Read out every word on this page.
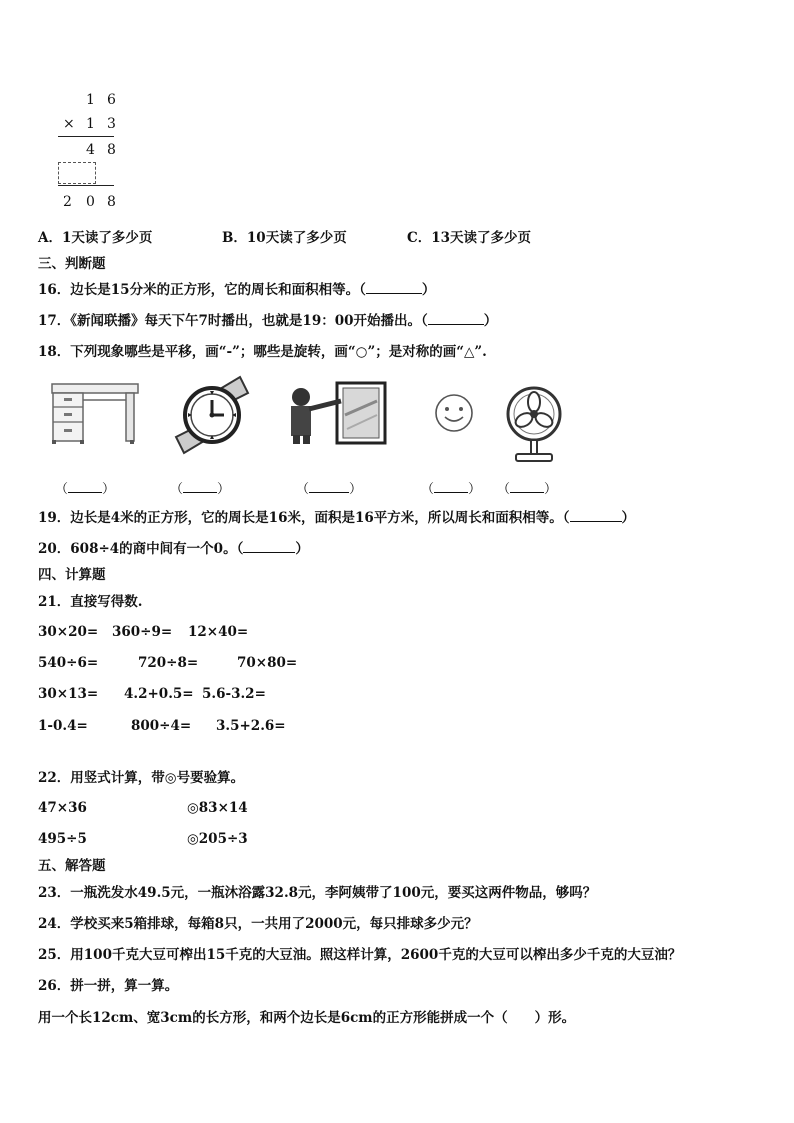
1 6
× 1 3
4 8
2 0 8
A．1天读了多少页	B．10天读了多少页	C．13天读了多少页
三、判断题
16．边长是15分米的正方形，它的周长和面积相等。（	）
17．《新闻联播》每天下午7时播出，也就是19：00开始播出。（	）
18．下列现象哪些是平移，画“-”；哪些是旋转，画“○”；是对称的画“△”.
（	）	（	）	（	）	（	） （	）
19．边长是4米的正方形，它的周长是16米，面积是16平方米，所以周长和面积相等。（	）
20．608÷4的商中间有一个0。（	）
四、计算题
21．直接写得数.
30×20= 360÷9= 12×40=
540÷6=	720÷8=	70×80=
30×13= 4.2+0.5= 5.6-3.2=
1-0.4=	800÷4= 3.5+2.6=
22．用竖式计算，带◎号要验算。
47×36	◎83×14
495÷5	◎205÷3
五、解答题
23．一瓶洗发水49.5元，一瓶沐浴露32.8元，李阿姨带了100元，要买这两件物品，够吗？
24．学校买来5箱排球，每箱8只，一共用了2000元，每只排球多少元？
25．用100千克大豆可榨出15千克的大豆油。照这样计算，2600千克的大豆可以榨出多少千克的大豆油？
26．拼一拼，算一算。
用一个长12cm、宽3cm的长方形，和两个边长是6cm的正方形能拼成一个（　　）形。
